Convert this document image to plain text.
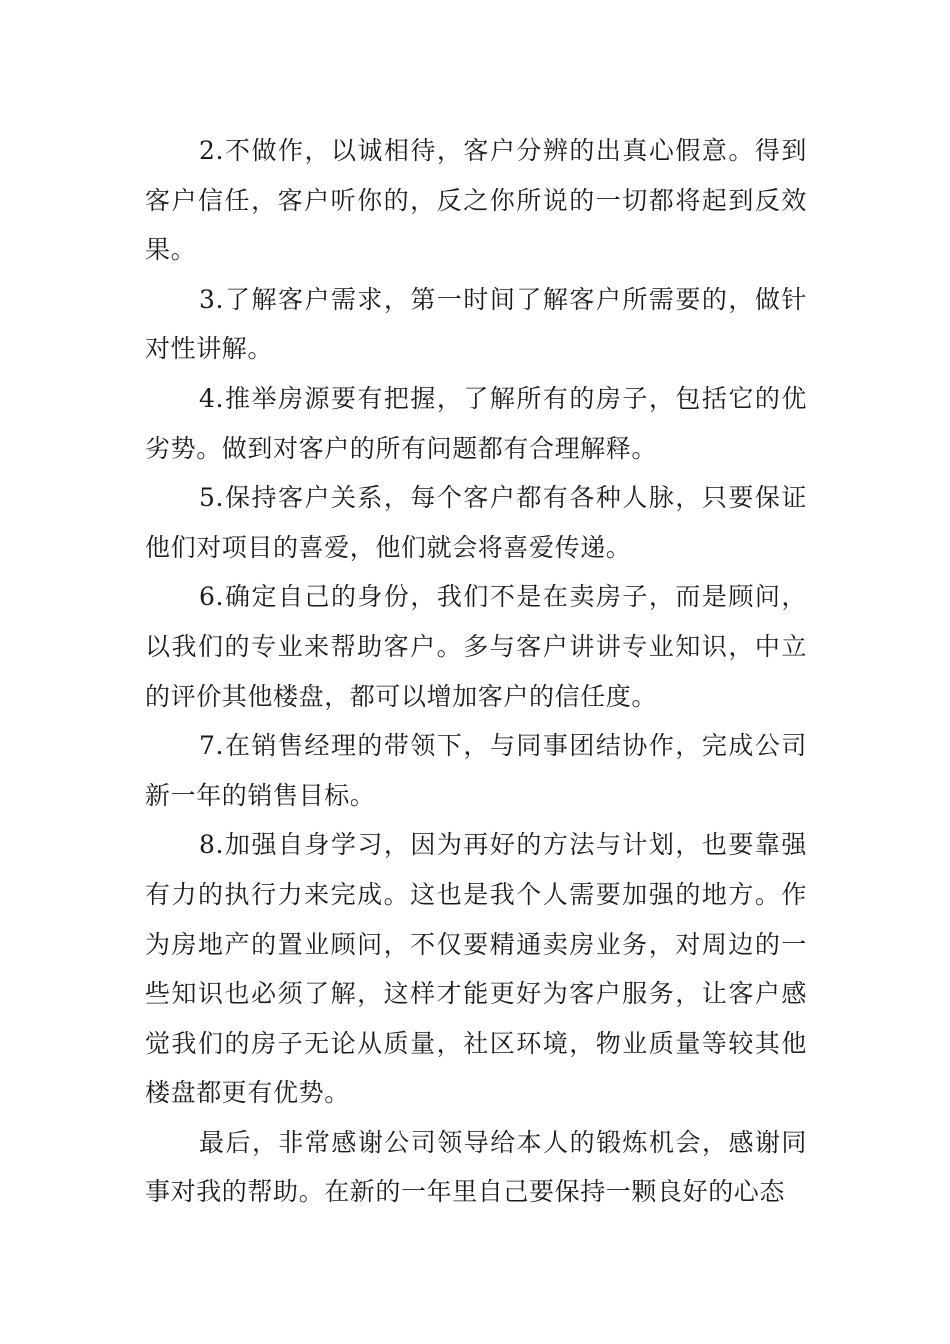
2.不做作，以诚相待，客户分辨的出真心假意。得到客户信任，客户听你的，反之你所说的一切都将起到反效果。

3.了解客户需求，第一时间了解客户所需要的，做针对性讲解。

4.推举房源要有把握，了解所有的房子，包括它的优劣势。做到对客户的所有问题都有合理解释。

5.保持客户关系，每个客户都有各种人脉，只要保证他们对项目的喜爱，他们就会将喜爱传递。

6.确定自己的身份，我们不是在卖房子，而是顾问，以我们的专业来帮助客户。多与客户讲讲专业知识，中立的评价其他楼盘，都可以增加客户的信任度。

7.在销售经理的带领下，与同事团结协作，完成公司新一年的销售目标。

8.加强自身学习，因为再好的方法与计划，也要靠强有力的执行力来完成。这也是我个人需要加强的地方。作为房地产的置业顾问，不仅要精通卖房业务，对周边的一些知识也必须了解，这样才能更好为客户服务，让客户感觉我们的房子无论从质量，社区环境，物业质量等较其他楼盘都更有优势。

最后，非常感谢公司领导给本人的锻炼机会，感谢同事对我的帮助。在新的一年里自己要保持一颗良好的心态
